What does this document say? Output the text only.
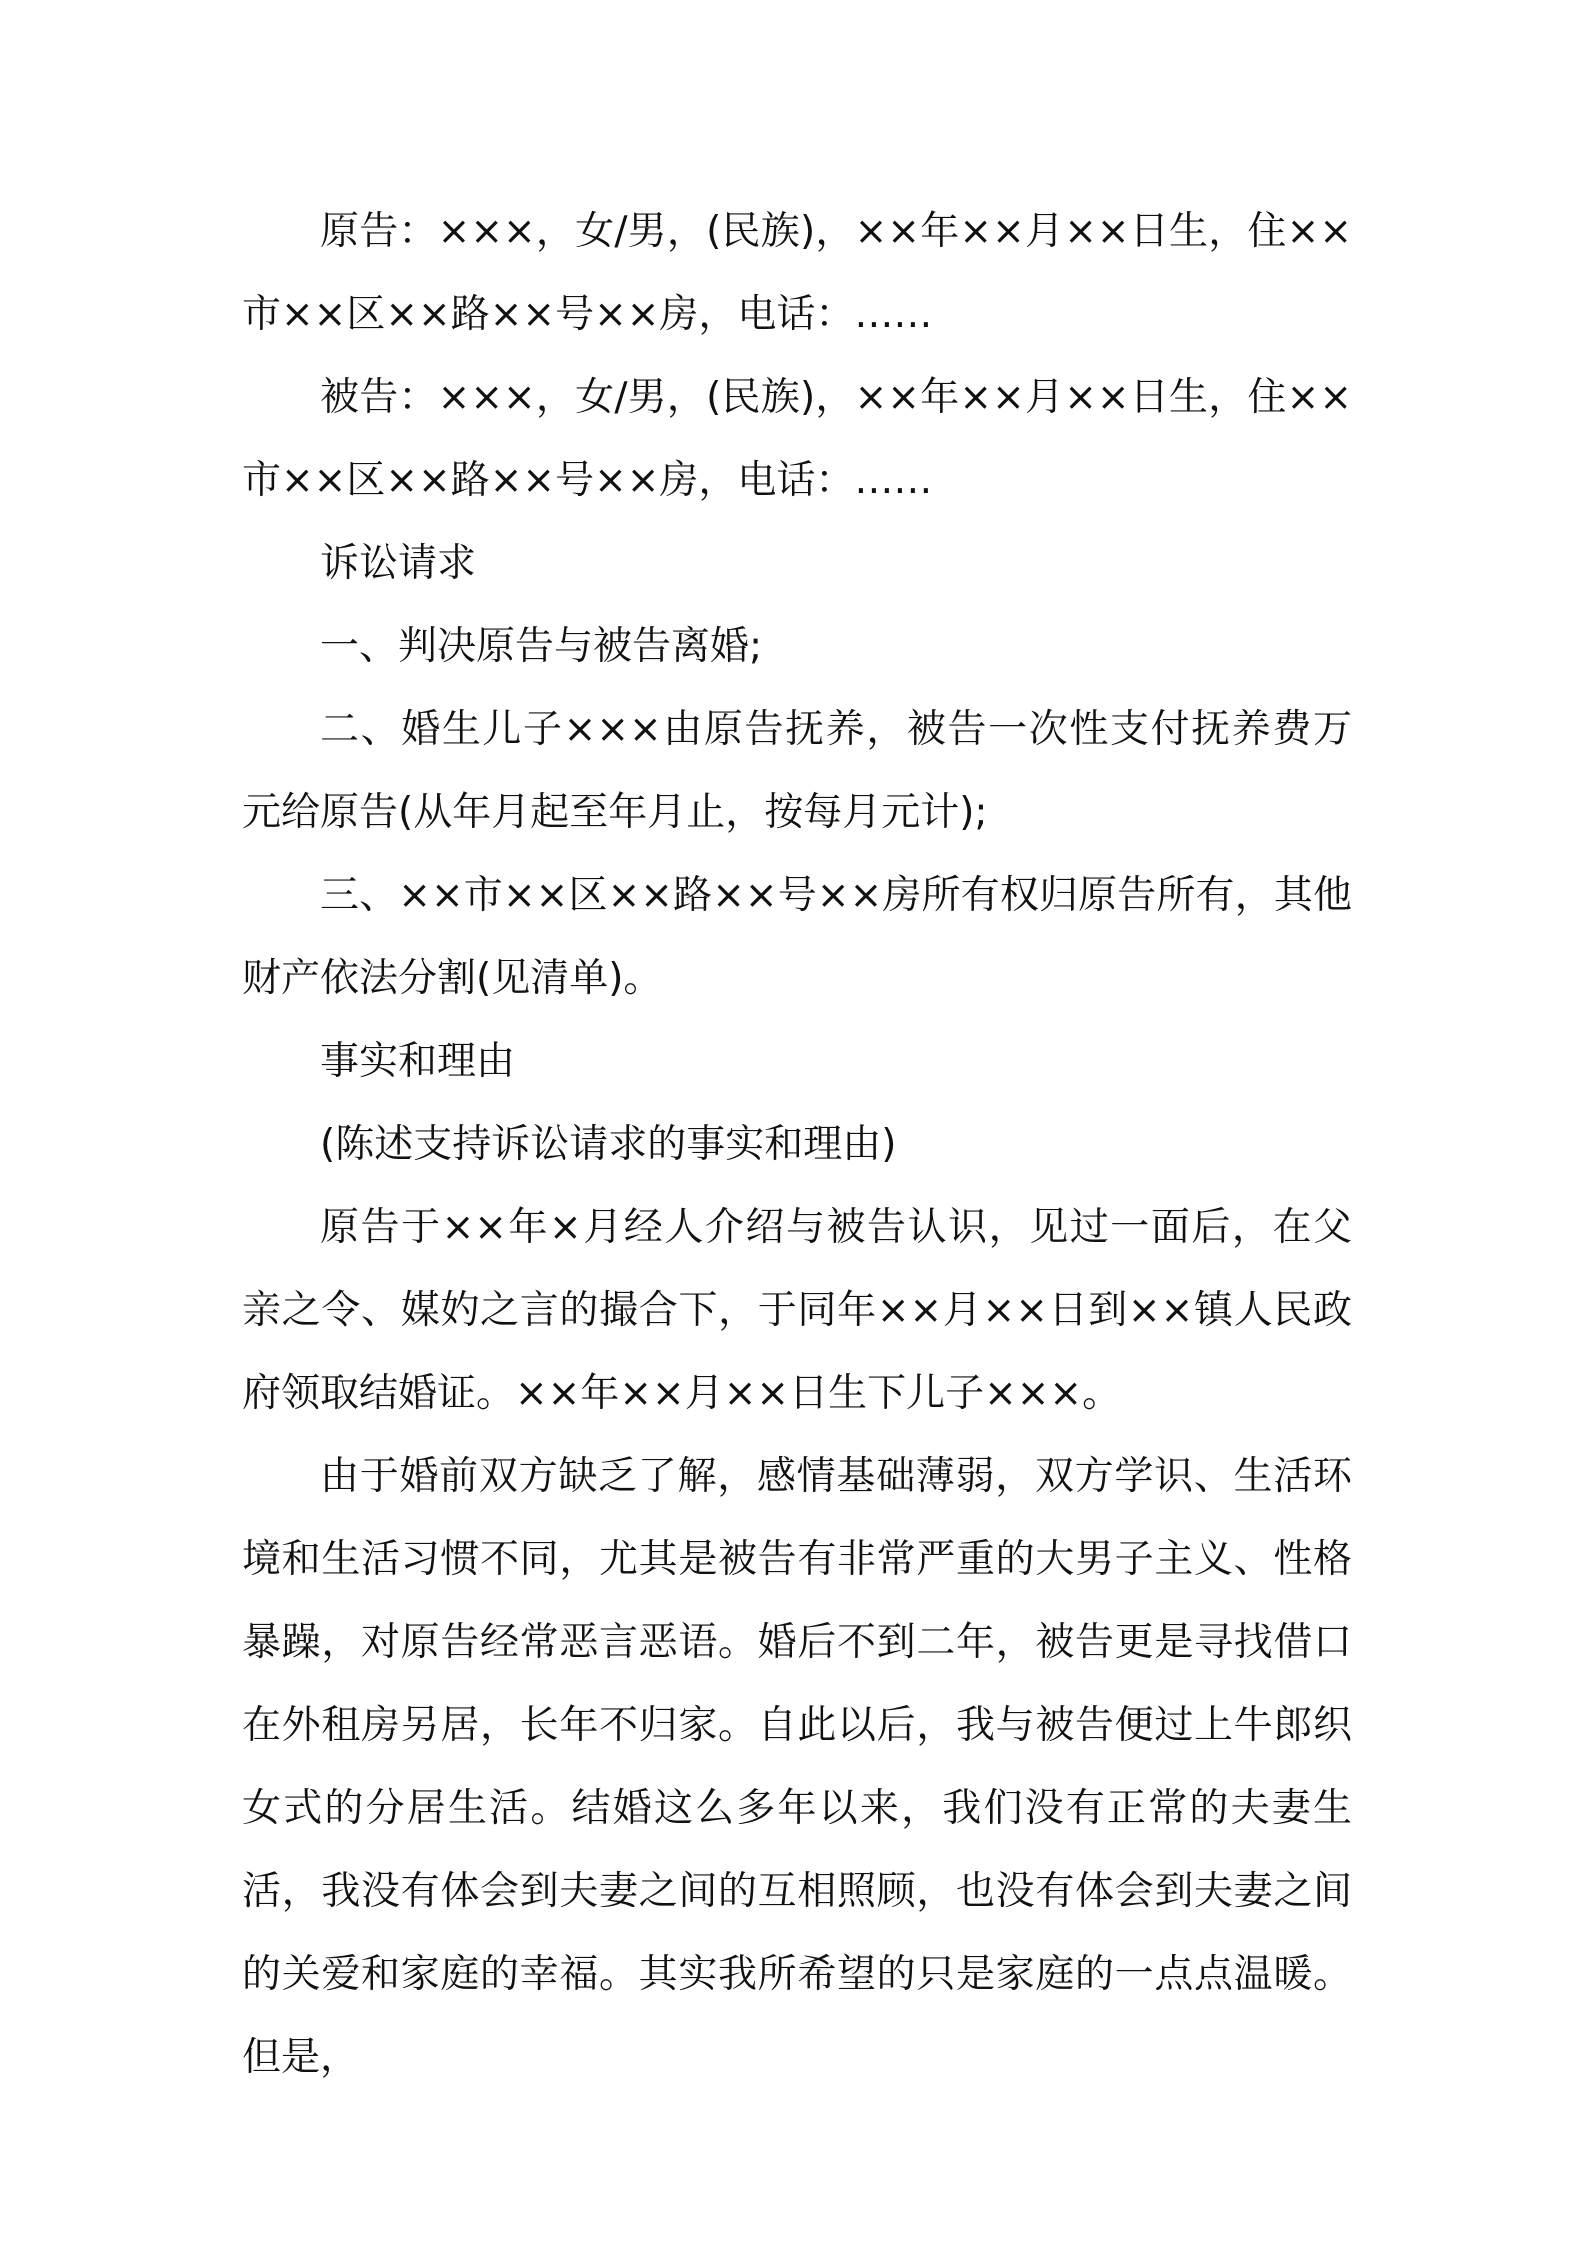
原告：×××，女/男，(民族)，××年××月××日生，住××市××区××路××号××房，电话：……

被告：×××，女/男，(民族)，××年××月××日生，住××市××区××路××号××房，电话：……

诉讼请求

一、判决原告与被告离婚;

二、婚生儿子×××由原告抚养，被告一次性支付抚养费万元给原告(从年月起至年月止，按每月元计);

三、××市××区××路××号××房所有权归原告所有，其他财产依法分割(见清单)。

事实和理由

(陈述支持诉讼请求的事实和理由)

原告于××年×月经人介绍与被告认识，见过一面后，在父亲之令、媒妁之言的撮合下，于同年××月××日到××镇人民政府领取结婚证。××年××月××日生下儿子×××。

由于婚前双方缺乏了解，感情基础薄弱，双方学识、生活环境和生活习惯不同，尤其是被告有非常严重的大男子主义、性格暴躁，对原告经常恶言恶语。婚后不到二年，被告更是寻找借口在外租房另居，长年不归家。自此以后，我与被告便过上牛郎织女式的分居生活。结婚这么多年以来，我们没有正常的夫妻生活，我没有体会到夫妻之间的互相照顾，也没有体会到夫妻之间的关爱和家庭的幸福。其实我所希望的只是家庭的一点点温暖。但是，
